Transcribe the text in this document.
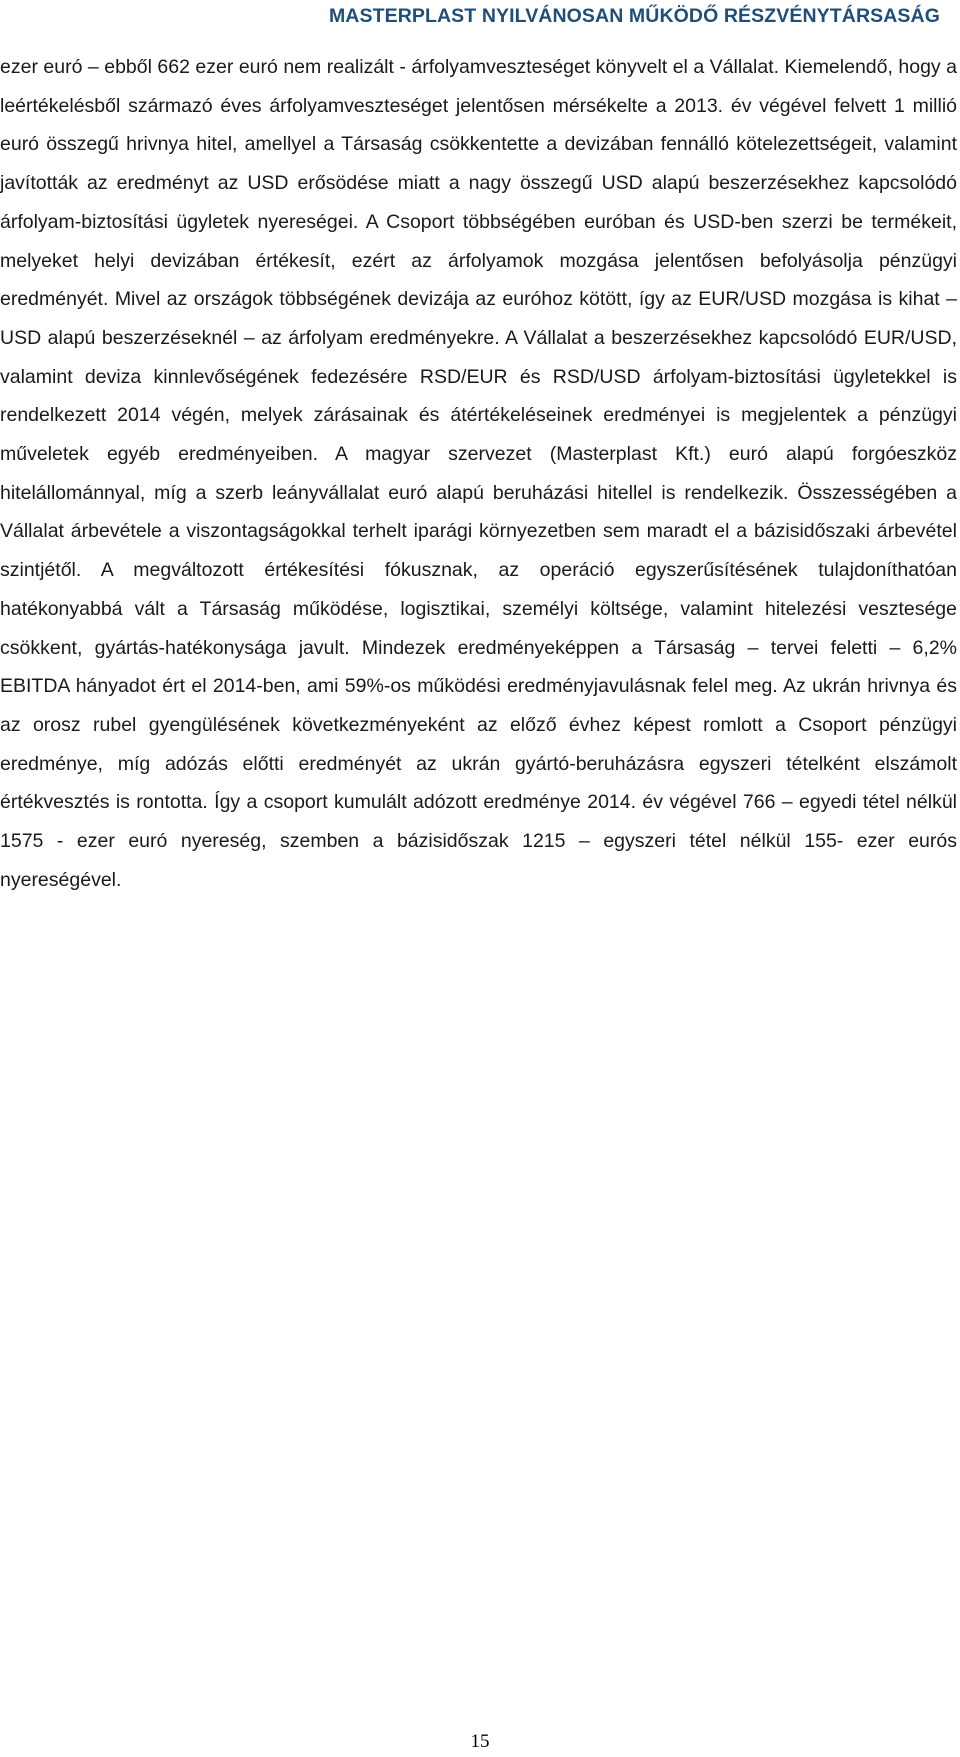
MASTERPLAST NYILVÁNOSAN MŰKÖDŐ RÉSZVÉNYTÁRSASÁG

ezer euró – ebből 662 ezer euró nem realizált - árfolyamveszteséget könyvelt el a Vállalat. Kiemelendő, hogy a leértékelésből származó éves árfolyamveszteséget jelentősen mérsékelte a 2013. év végével felvett 1 millió euró összegű hrivnya hitel, amellyel a Társaság csökkentette a devizában fennálló kötelezettségeit, valamint javították az eredményt az USD erősödése miatt a nagy összegű USD alapú beszerzésekhez kapcsolódó árfolyam-biztosítási ügyletek nyereségei. A Csoport többségében euróban és USD-ben szerzi be termékeit, melyeket helyi devizában értékesít, ezért az árfolyamok mozgása jelentősen befolyásolja pénzügyi eredményét. Mivel az országok többségének devizája az euróhoz kötött, így az EUR/USD mozgása is kihat – USD alapú beszerzéseknél – az árfolyam eredményekre. A Vállalat a beszerzésekhez kapcsolódó EUR/USD, valamint deviza kinnlevőségének fedezésére RSD/EUR és RSD/USD árfolyam-biztosítási ügyletekkel is rendelkezett 2014 végén, melyek zárásainak és átértékeléseinek eredményei is megjelentek a pénzügyi műveletek egyéb eredményeiben. A magyar szervezet (Masterplast Kft.) euró alapú forgóeszköz hitelállománnyal, míg a szerb leányvállalat euró alapú beruházási hitellel is rendelkezik. Összességében a Vállalat árbevétele a viszontagságokkal terhelt iparági környezetben sem maradt el a bázisidőszaki árbevétel szintjétől. A megváltozott értékesítési fókusznak, az operáció egyszerűsítésének tulajdoníthatóan hatékonyabbá vált a Társaság működése, logisztikai, személyi költsége, valamint hitelezési vesztesége csökkent, gyártás-hatékonysága javult. Mindezek eredményeképpen a Társaság – tervei feletti – 6,2% EBITDA hányadot ért el 2014-ben, ami 59%-os működési eredményjavulásnak felel meg. Az ukrán hrivnya és az orosz rubel gyengülésének következményeként az előző évhez képest romlott a Csoport pénzügyi eredménye, míg adózás előtti eredményét az ukrán gyártó-beruházásra egyszeri tételként elszámolt értékvesztés is rontotta. Így a csoport kumulált adózott eredménye 2014. év végével 766 – egyedi tétel nélkül 1575 - ezer euró nyereség, szemben a bázisidőszak 1215 – egyszeri tétel nélkül 155- ezer eurós nyereségével.

15
